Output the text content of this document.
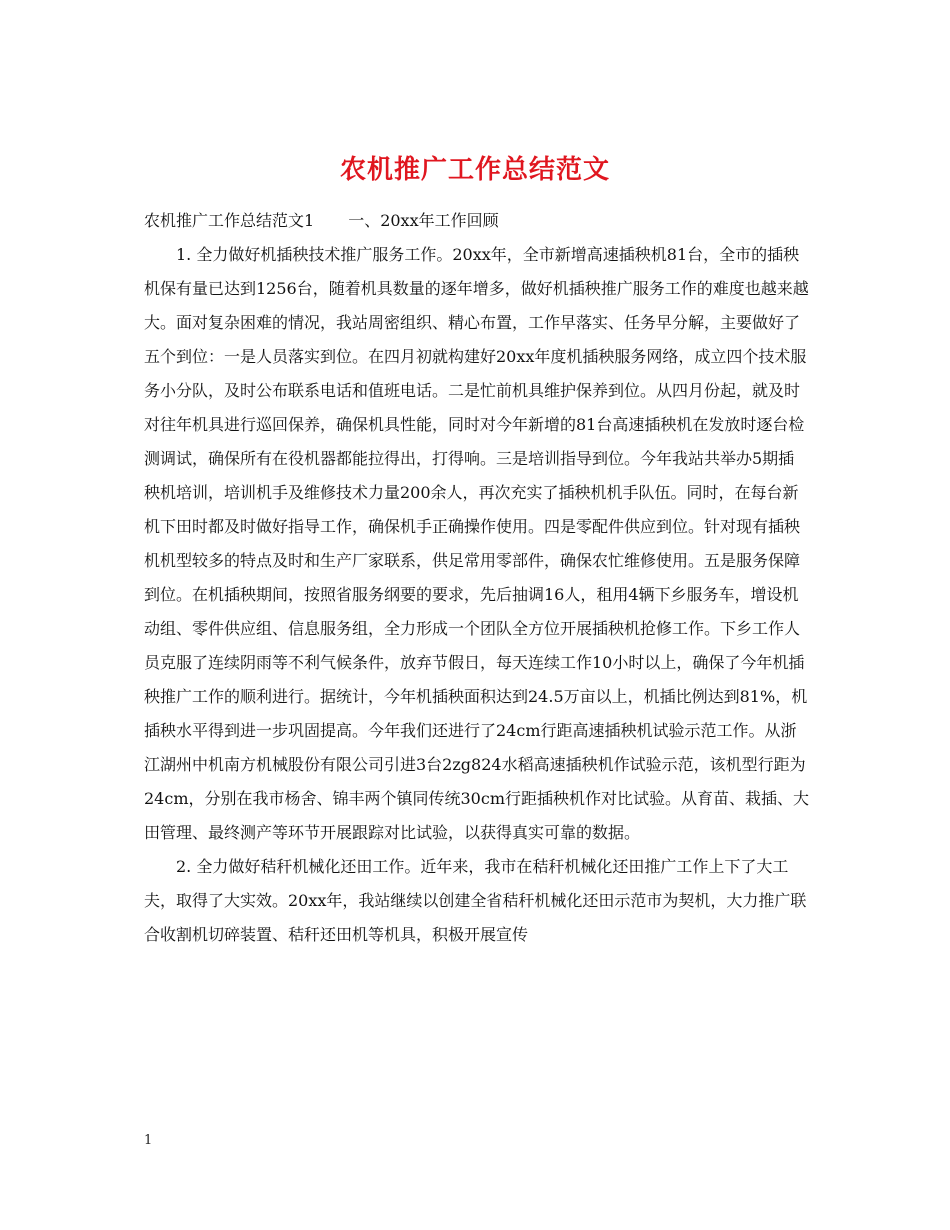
农机推广工作总结范文

农机推广工作总结范文1 一、20xx年工作回顾

1. 全力做好机插秧技术推广服务工作。20xx年，全市新增高速插秧机81台，全市的插秧机保有量已达到1256台，随着机具数量的逐年增多，做好机插秧推广服务工作的难度也越来越大。面对复杂困难的情况，我站周密组织、精心布置，工作早落实、任务早分解，主要做好了五个到位：一是人员落实到位。在四月初就构建好20xx年度机插秧服务网络，成立四个技术服务小分队，及时公布联系电话和值班电话。二是忙前机具维护保养到位。从四月份起，就及时对往年机具进行巡回保养，确保机具性能，同时对今年新增的81台高速插秧机在发放时逐台检测调试，确保所有在役机器都能拉得出，打得响。三是培训指导到位。今年我站共举办5期插秧机培训，培训机手及维修技术力量200余人，再次充实了插秧机机手队伍。同时，在每台新机下田时都及时做好指导工作，确保机手正确操作使用。四是零配件供应到位。针对现有插秧机机型较多的特点及时和生产厂家联系，供足常用零部件，确保农忙维修使用。五是服务保障到位。在机插秧期间，按照省服务纲要的要求，先后抽调16人，租用4辆下乡服务车，增设机动组、零件供应组、信息服务组，全力形成一个团队全方位开展插秧机抢修工作。下乡工作人员克服了连续阴雨等不利气候条件，放弃节假日，每天连续工作10小时以上，确保了今年机插秧推广工作的顺利进行。据统计，今年机插秧面积达到24.5万亩以上，机插比例达到81%，机插秧水平得到进一步巩固提高。今年我们还进行了24cm行距高速插秧机试验示范工作。从浙江湖州中机南方机械股份有限公司引进3台2zg824水稻高速插秧机作试验示范，该机型行距为24cm，分别在我市杨舍、锦丰两个镇同传统30cm行距插秧机作对比试验。从育苗、栽插、大田管理、最终测产等环节开展跟踪对比试验，以获得真实可靠的数据。

2. 全力做好秸秆机械化还田工作。近年来，我市在秸秆机械化还田推广工作上下了大工夫，取得了大实效。20xx年，我站继续以创建全省秸秆机械化还田示范市为契机，大力推广联合收割机切碎装置、秸秆还田机等机具，积极开展宣传

1
